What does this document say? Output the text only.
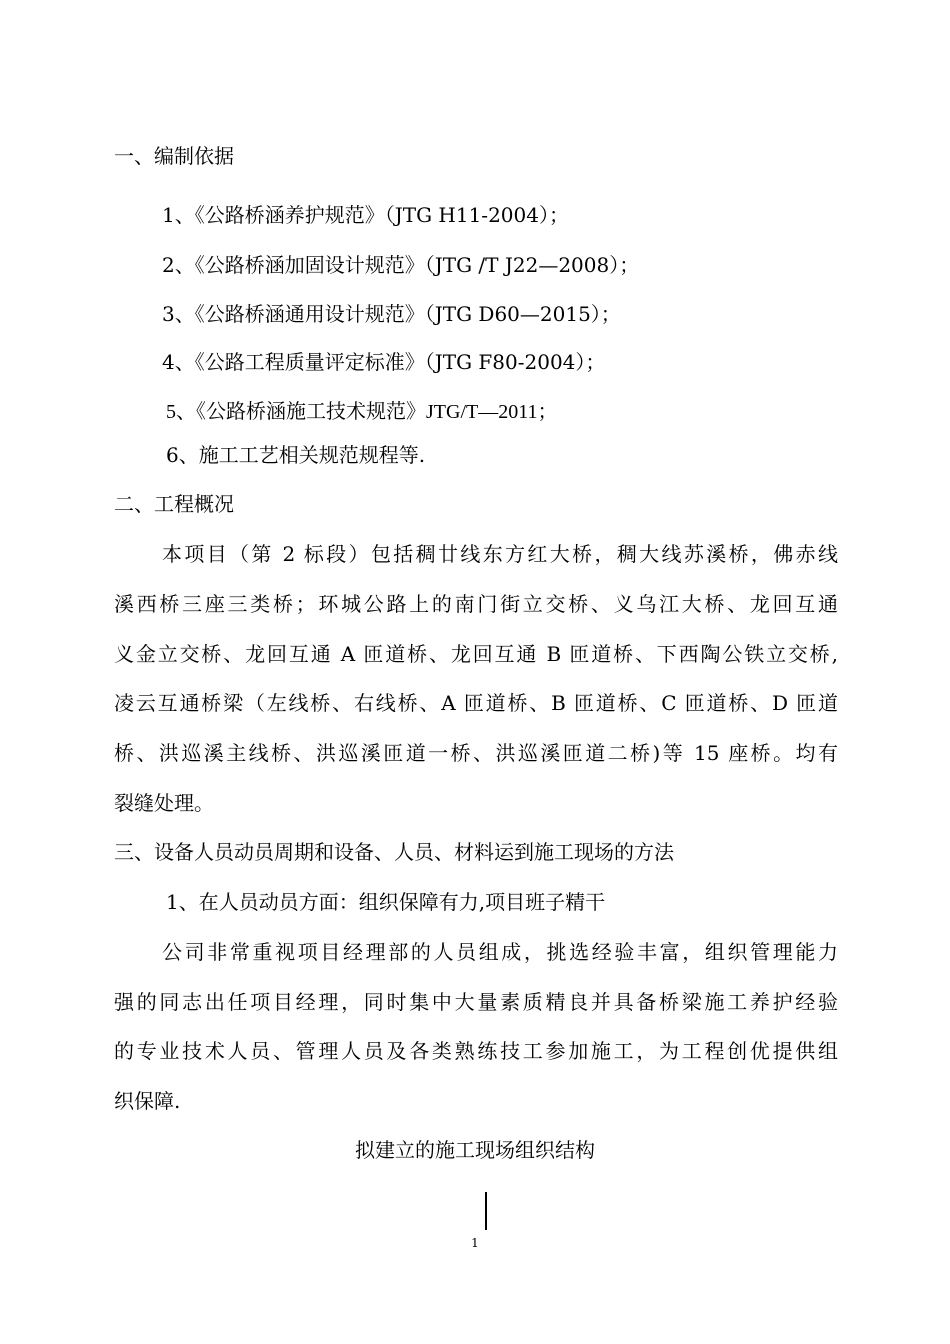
一、编制依据
1、《公路桥涵养护规范》（JTG H11-2004）；
2、《公路桥涵加固设计规范》（JTG /T J22—2008）；
3、《公路桥涵通用设计规范》（JTG D60—2015）；
4、《公路工程质量评定标准》（JTG F80-2004）；
5、《公路桥涵施工技术规范》JTG/T—2011；
6、施工工艺相关规范规程等.
二、工程概况
本项目（第 2 标段）包括稠廿线东方红大桥，稠大线苏溪桥，佛赤线
溪西桥三座三类桥；环城公路上的南门街立交桥、义乌江大桥、龙回互通
义金立交桥、龙回互通 A 匝道桥、龙回互通 B 匝道桥、下西陶公铁立交桥,
凌云互通桥梁（左线桥、右线桥、A 匝道桥、B 匝道桥、C 匝道桥、D 匝道
桥、洪巡溪主线桥、洪巡溪匝道一桥、洪巡溪匝道二桥)等 15 座桥。均有
裂缝处理。
三、设备人员动员周期和设备、人员、材料运到施工现场的方法
1、在人员动员方面：组织保障有力,项目班子精干
公司非常重视项目经理部的人员组成，挑选经验丰富，组织管理能力
强的同志出任项目经理，同时集中大量素质精良并具备桥梁施工养护经验
的专业技术人员、管理人员及各类熟练技工参加施工，为工程创优提供组
织保障.
拟建立的施工现场组织结构
1
